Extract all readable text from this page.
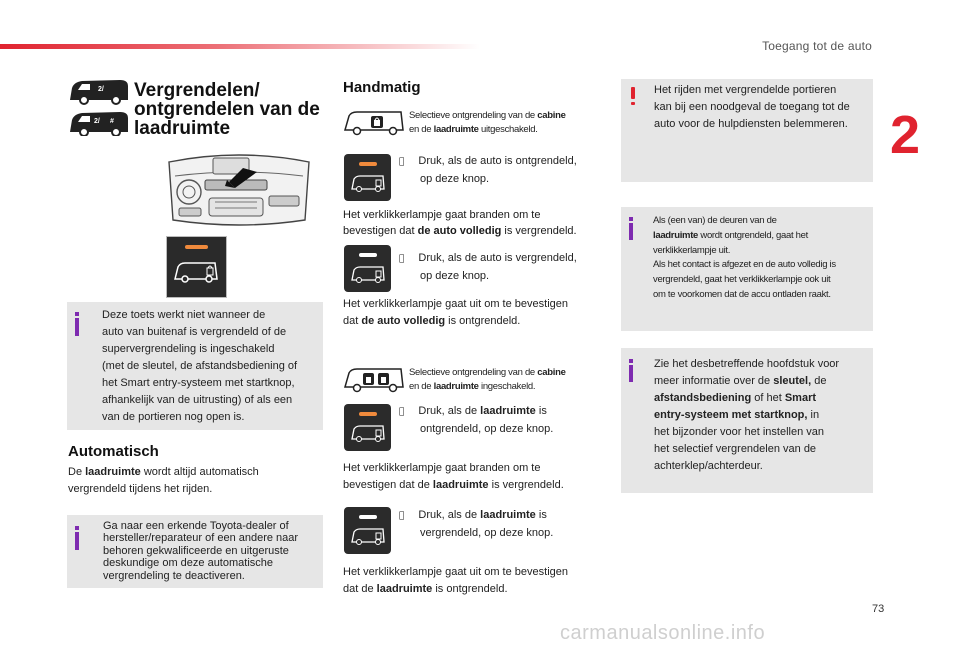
Toegang tot de auto
2
2/
2/ #
Vergrendelen/
ontgrendelen van de
laadruimte
Deze toets werkt niet wanneer de
auto van buitenaf is vergrendeld of de
supervergrendeling is ingeschakeld
(met de sleutel, de afstandsbediening of
het Smart entry-systeem met startknop,
afhankelijk van de uitrusting) of als een
van de portieren nog open is.
Automatisch
De laadruimte wordt altijd automatisch
vergrendeld tijdens het rijden.
Ga naar een erkende Toyota-dealer of
hersteller/reparateur of een andere naar
behoren gekwalificeerde en uitgeruste
deskundige om deze automatische
vergrendeling te deactiveren.
Handmatig
Selectieve ontgrendeling van de cabine
en de laadruimte uitgeschakeld.
Druk, als de auto is ontgrendeld,
op deze knop.
Het verklikkerlampje gaat branden om te
bevestigen dat de auto volledig is vergrendeld.
Druk, als de auto is vergrendeld,
op deze knop.
Het verklikkerlampje gaat uit om te bevestigen
dat de auto volledig is ontgrendeld.
Selectieve ontgrendeling van de cabine
en de laadruimte ingeschakeld.
Druk, als de laadruimte is
ontgrendeld, op deze knop.
Het verklikkerlampje gaat branden om te
bevestigen dat de laadruimte is vergrendeld.
Druk, als de laadruimte is
vergrendeld, op deze knop.
Het verklikkerlampje gaat uit om te bevestigen
dat de laadruimte is ontgrendeld.
Het rijden met vergrendelde portieren
kan bij een noodgeval de toegang tot de
auto voor de hulpdiensten belemmeren.
Als (een van) de deuren van de
laadruimte wordt ontgrendeld, gaat het
verklikkerlampje uit.
Als het contact is afgezet en de auto volledig is
vergrendeld, gaat het verklikkerlampje ook uit
om te voorkomen dat de accu ontladen raakt.
Zie het desbetreffende hoofdstuk voor
meer informatie over de sleutel, de
afstandsbediening of het Smart
entry-systeem met startknop, in
het bijzonder voor het instellen van
het selectief vergrendelen van de
achterklep/achterdeur.
73
carmanualsonline.info
